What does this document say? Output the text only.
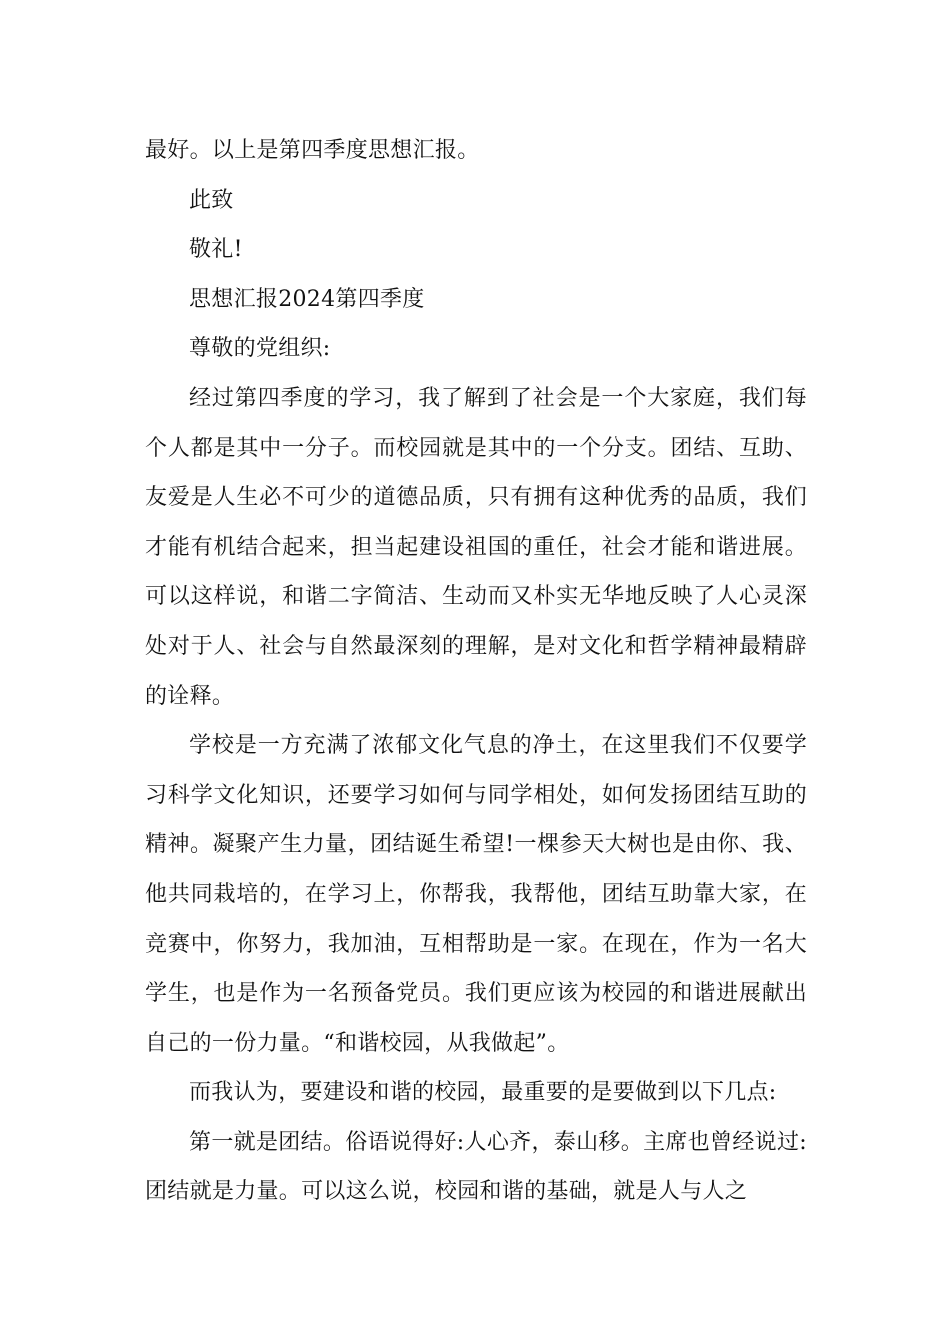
最好。以上是第四季度思想汇报。

此致

敬礼!

思想汇报2024第四季度

尊敬的党组织:

经过第四季度的学习，我了解到了社会是一个大家庭，我们每个人都是其中一分子。而校园就是其中的一个分支。团结、互助、友爱是人生必不可少的道德品质，只有拥有这种优秀的品质，我们才能有机结合起来，担当起建设祖国的重任，社会才能和谐进展。可以这样说，和谐二字简洁、生动而又朴实无华地反映了人心灵深处对于人、社会与自然最深刻的理解，是对文化和哲学精神最精辟的诠释。

学校是一方充满了浓郁文化气息的净土，在这里我们不仅要学习科学文化知识，还要学习如何与同学相处，如何发扬团结互助的精神。凝聚产生力量，团结诞生希望!一棵参天大树也是由你、我、他共同栽培的，在学习上，你帮我，我帮他，团结互助靠大家，在竞赛中，你努力，我加油，互相帮助是一家。在现在，作为一名大学生，也是作为一名预备党员。我们更应该为校园的和谐进展献出自己的一份力量。“和谐校园，从我做起”。

而我认为，要建设和谐的校园，最重要的是要做到以下几点:

第一就是团结。俗语说得好:人心齐，泰山移。主席也曾经说过:团结就是力量。可以这么说，校园和谐的基础，就是人与人之
